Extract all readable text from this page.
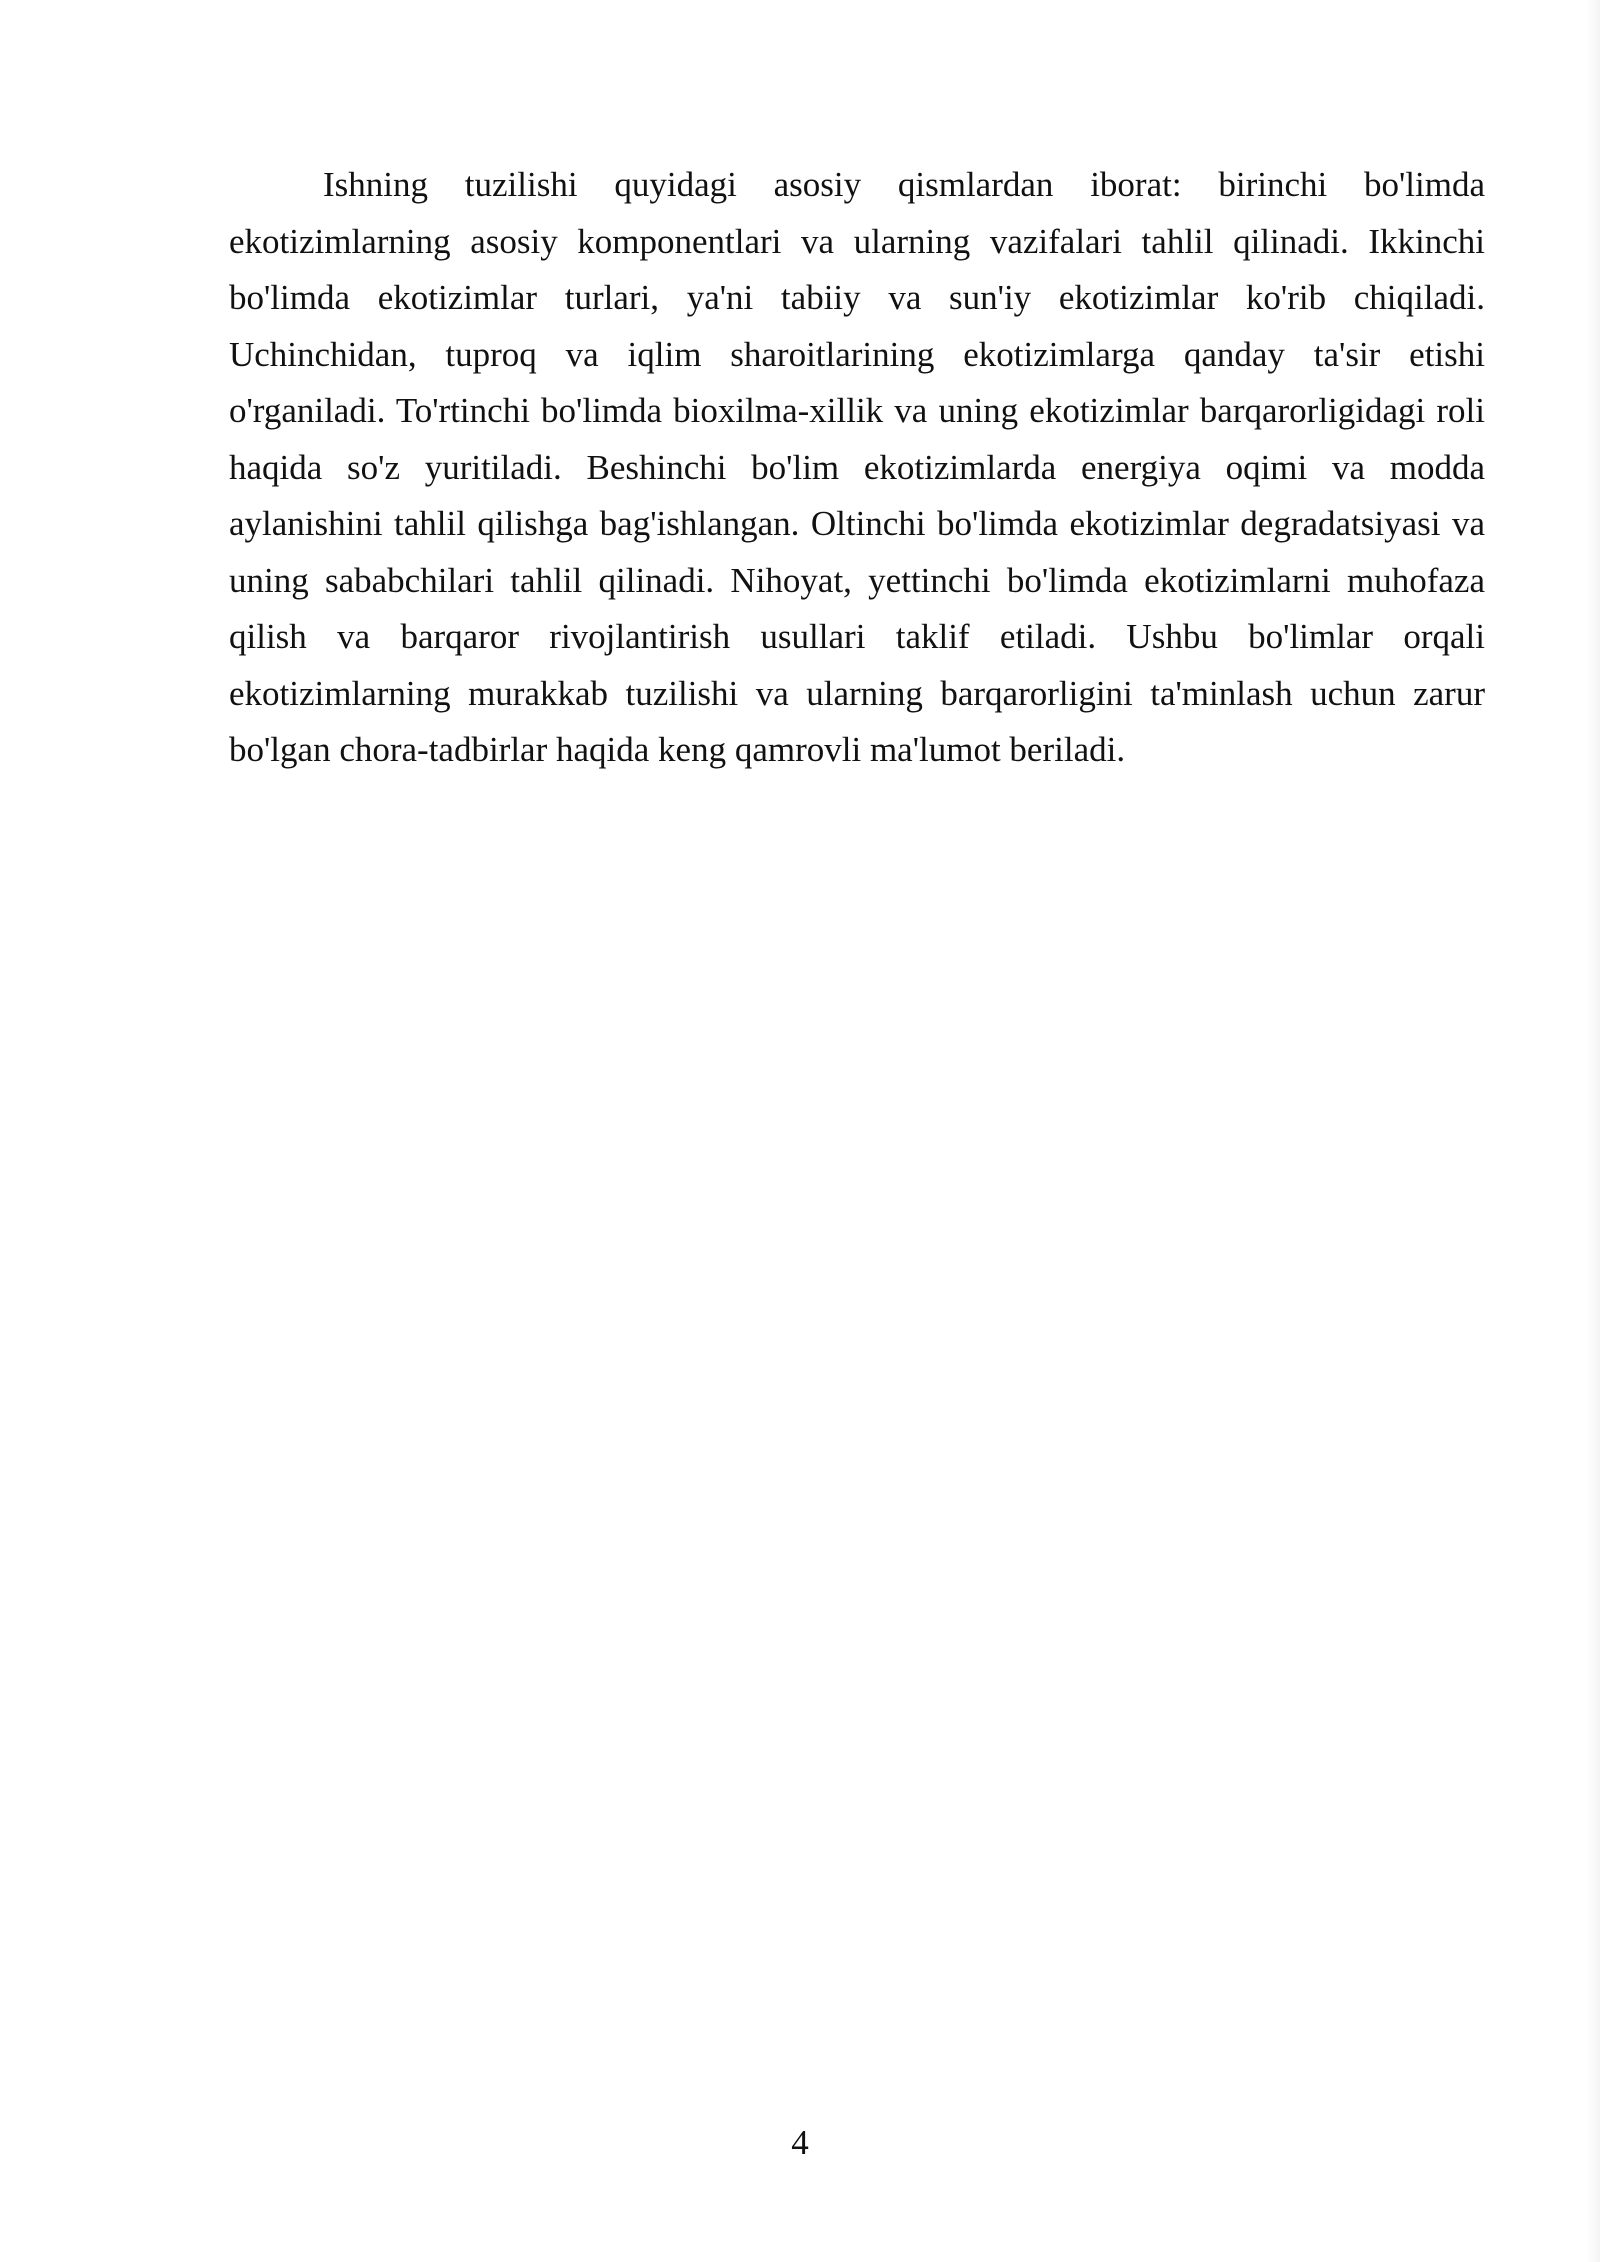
Ishning tuzilishi quyidagi asosiy qismlardan iborat: birinchi bo'limda ekotizimlarning asosiy komponentlari va ularning vazifalari tahlil qilinadi. Ikkinchi bo'limda ekotizimlar turlari, ya'ni tabiiy va sun'iy ekotizimlar ko'rib chiqiladi. Uchinchidan, tuproq va iqlim sharoitlarining ekotizimlarga qanday ta'sir etishi o'rganiladi. To'rtinchi bo'limda bioxilma-xillik va uning ekotizimlar barqarorligidagi roli haqida so'z yuritiladi. Beshinchi bo'lim ekotizimlarda energiya oqimi va modda aylanishini tahlil qilishga bag'ishlangan. Oltinchi bo'limda ekotizimlar degradatsiyasi va uning sababchilari tahlil qilinadi. Nihoyat, yettinchi bo'limda ekotizimlarni muhofaza qilish va barqaror rivojlantirish usullari taklif etiladi. Ushbu bo'limlar orqali ekotizimlarning murakkab tuzilishi va ularning barqarorligini ta'minlash uchun zarur bo'lgan chora-tadbirlar haqida keng qamrovli ma'lumot beriladi.

4
